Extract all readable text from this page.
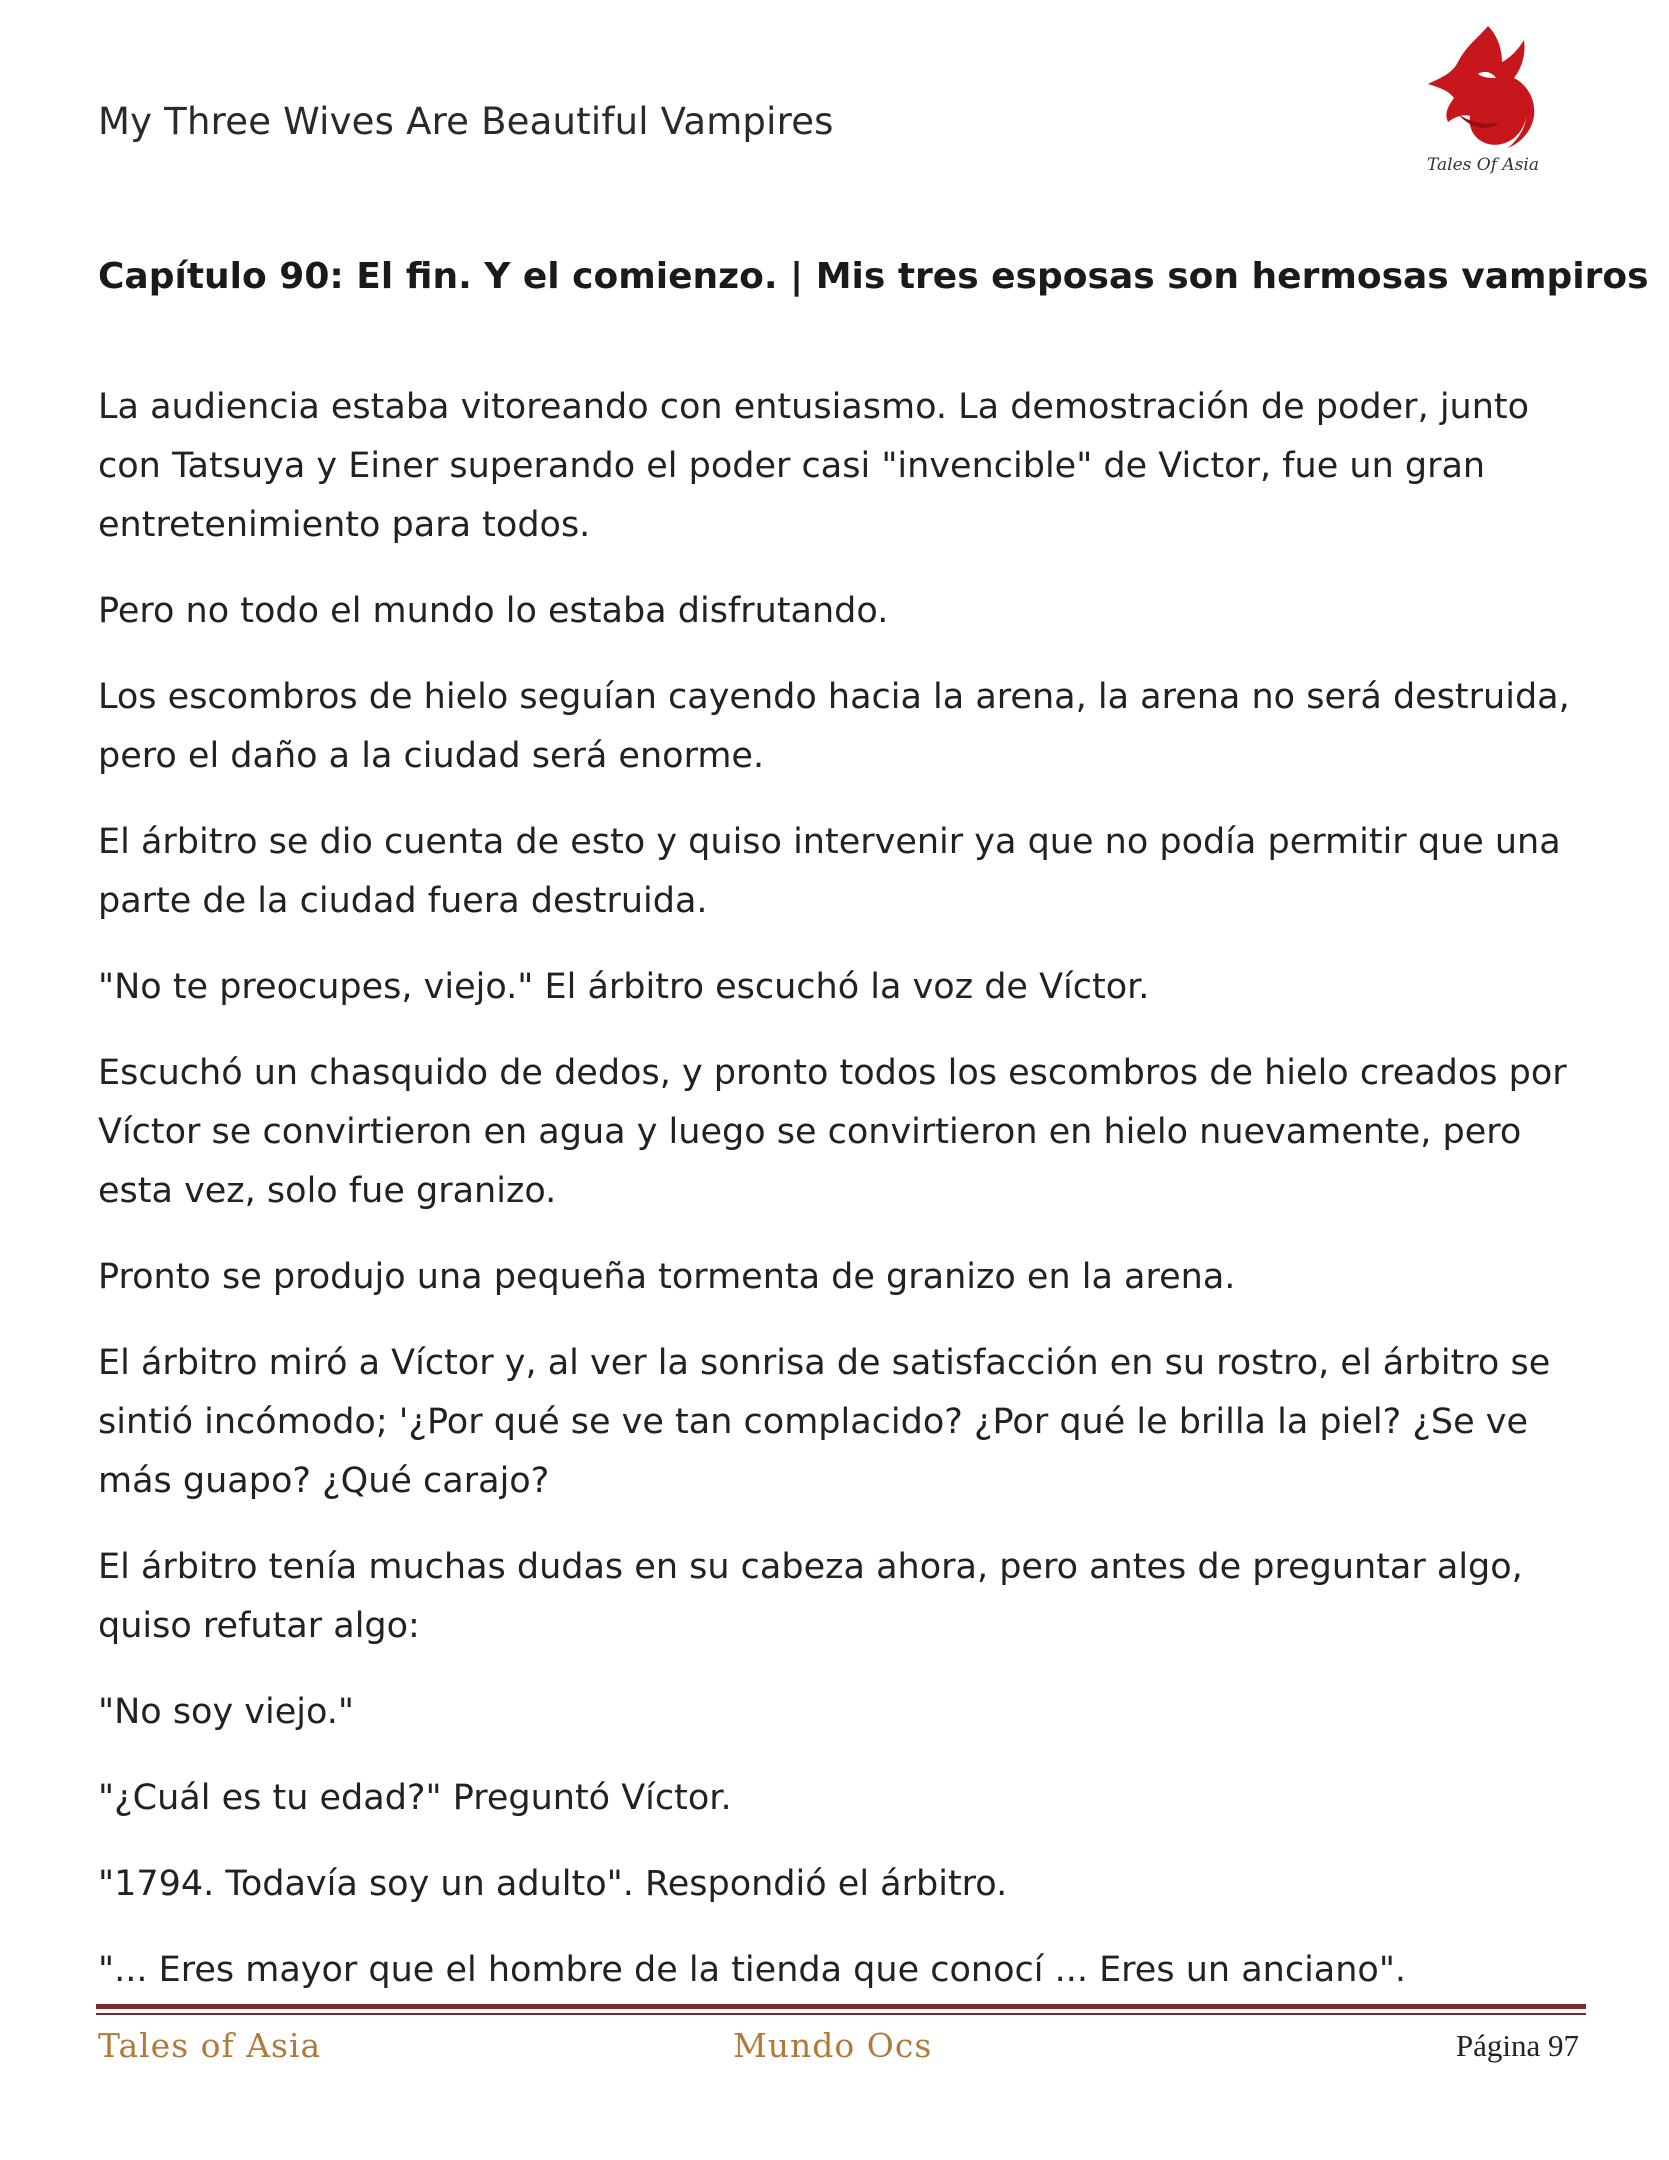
My Three Wives Are Beautiful Vampires
Tales Of Asia
Capítulo 90: El fin. Y el comienzo. | Mis tres esposas son hermosas vampiros

La audiencia estaba vitoreando con entusiasmo. La demostración de poder, junto con Tatsuya y Einer superando el poder casi "invencible" de Victor, fue un gran entretenimiento para todos.

Pero no todo el mundo lo estaba disfrutando.

Los escombros de hielo seguían cayendo hacia la arena, la arena no será destruida, pero el daño a la ciudad será enorme.

El árbitro se dio cuenta de esto y quiso intervenir ya que no podía permitir que una parte de la ciudad fuera destruida.

"No te preocupes, viejo." El árbitro escuchó la voz de Víctor.

Escuchó un chasquido de dedos, y pronto todos los escombros de hielo creados por Víctor se convirtieron en agua y luego se convirtieron en hielo nuevamente, pero esta vez, solo fue granizo.

Pronto se produjo una pequeña tormenta de granizo en la arena.

El árbitro miró a Víctor y, al ver la sonrisa de satisfacción en su rostro, el árbitro se sintió incómodo; '¿Por qué se ve tan complacido? ¿Por qué le brilla la piel? ¿Se ve más guapo? ¿Qué carajo?

El árbitro tenía muchas dudas en su cabeza ahora, pero antes de preguntar algo, quiso refutar algo:

"No soy viejo."

"¿Cuál es tu edad?" Preguntó Víctor.

"1794. Todavía soy un adulto". Respondió el árbitro.

"... Eres mayor que el hombre de la tienda que conocí ... Eres un anciano".

Tales of Asia	Mundo Ocs	Página 97
